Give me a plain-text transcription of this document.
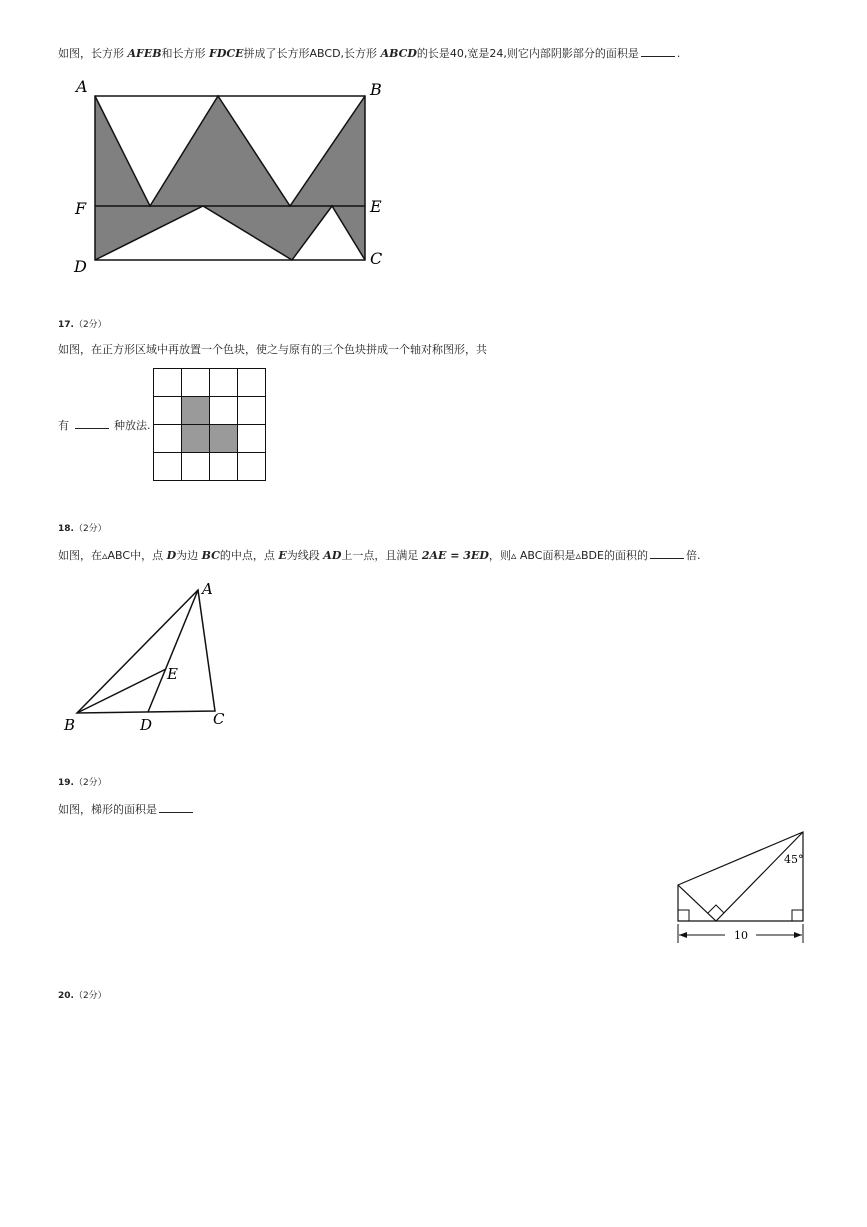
如图，长方形 AFEB和长方形 FDCE拼成了长方形ABCD,长方形 ABCD的长是40,宽是24,则它内部阴影部分的面积是	.
A	B
F	E
D	C
17.（2分）
如图，在正方形区域中再放置一个色块，使之与原有的三个色块拼成一个轴对称图形，共
有	种放法.

18.（2分）
如图，在▵ABC中，点 D为边 BC的中点，点 E为线段 AD上一点，且满足 2AE = 3ED，则▵ ABC面积是▵BDE的面积的	倍.
A
E
B	D	C
19.（2分）
如图，梯形的面积是
45°
10
20.（2分）
